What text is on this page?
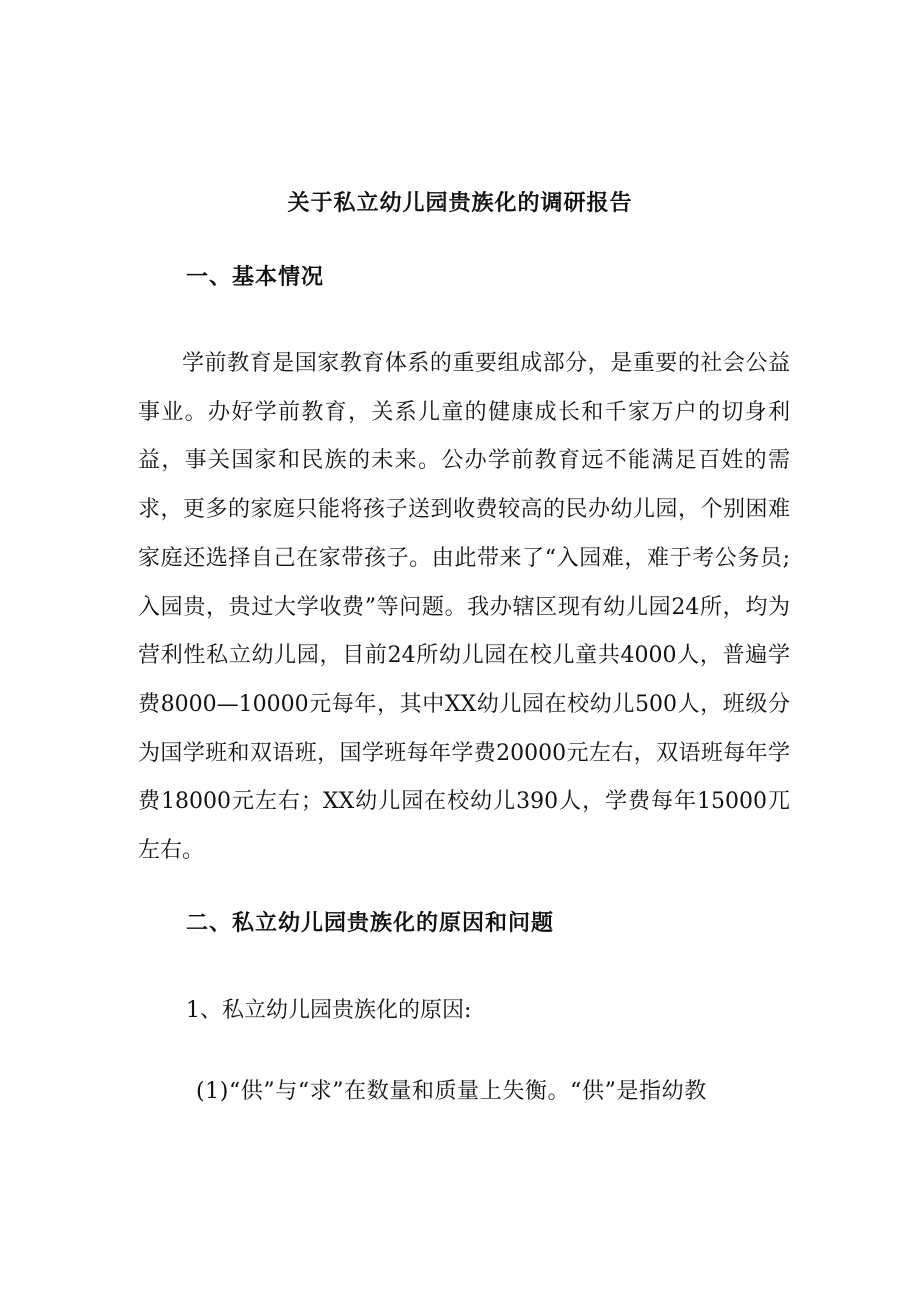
关于私立幼儿园贵族化的调研报告
一、基本情况

学前教育是国家教育体系的重要组成部分，是重要的社会公益事业。办好学前教育，关系儿童的健康成长和千家万户的切身利益，事关国家和民族的未来。公办学前教育远不能满足百姓的需求，更多的家庭只能将孩子送到收费较高的民办幼儿园，个别困难家庭还选择自己在家带孩子。由此带来了“入园难，难于考公务员; 入园贵，贵过大学收费”等问题。我办辖区现有幼儿园24所，均为营利性私立幼儿园，目前24所幼儿园在校儿童共4000人，普遍学费8000—10000元每年，其中XX幼儿园在校幼儿500人，班级分为国学班和双语班，国学班每年学费20000元左右，双语班每年学费18000元左右；XX幼儿园在校幼儿390人，学费每年15000兀左右。

二、私立幼儿园贵族化的原因和问题
1、私立幼儿园贵族化的原因:
(1)“供”与“求”在数量和质量上失衡。“供”是指幼教
